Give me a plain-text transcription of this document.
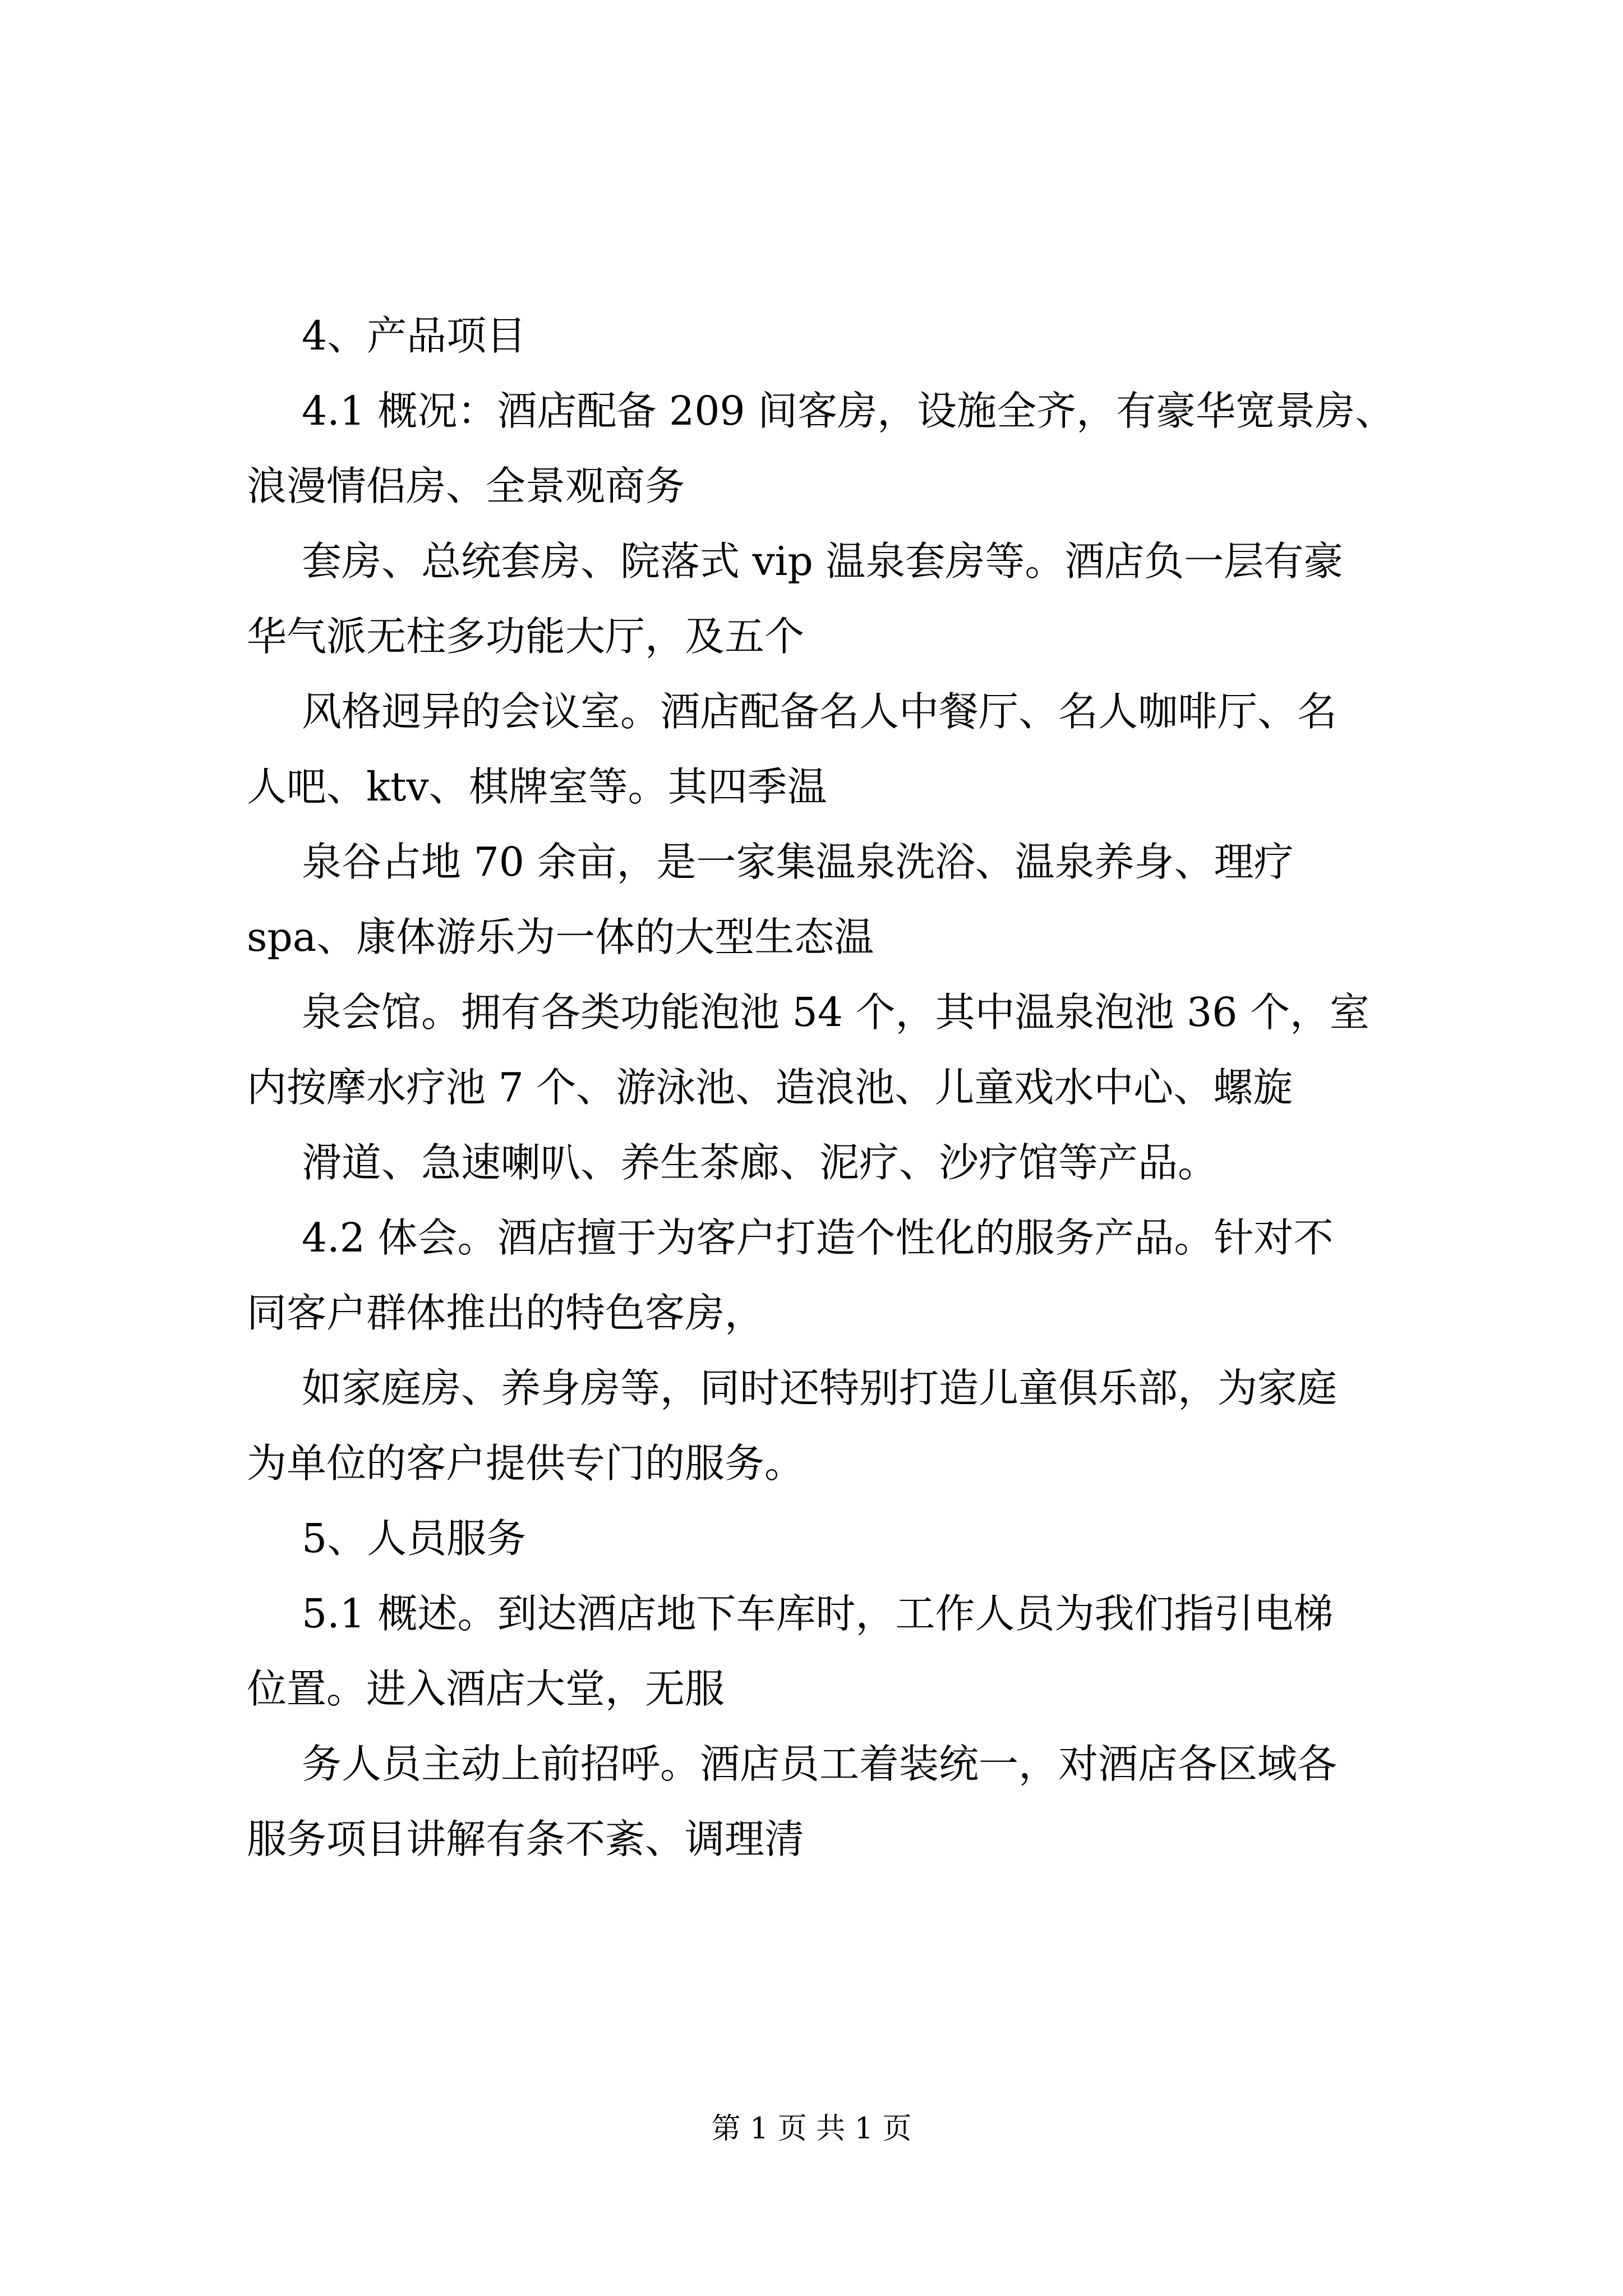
4、产品项目

4.1 概况：酒店配备 209 间客房，设施全齐，有豪华宽景房、
浪漫情侣房、全景观商务

套房、总统套房、院落式 vip 温泉套房等。酒店负一层有豪
华气派无柱多功能大厅，及五个

风格迥异的会议室。酒店配备名人中餐厅、名人咖啡厅、名
人吧、ktv、棋牌室等。其四季温

泉谷占地 70 余亩，是一家集温泉洗浴、温泉养身、理疗
spa、康体游乐为一体的大型生态温

泉会馆。拥有各类功能泡池 54 个，其中温泉泡池 36 个，室
内按摩水疗池 7 个、游泳池、造浪池、儿童戏水中心、螺旋

滑道、急速喇叭、养生茶廊、泥疗、沙疗馆等产品。

4.2 体会。酒店擅于为客户打造个性化的服务产品。针对不
同客户群体推出的特色客房，

如家庭房、养身房等，同时还特别打造儿童俱乐部，为家庭
为单位的客户提供专门的服务。

5、人员服务

5.1 概述。到达酒店地下车库时，工作人员为我们指引电梯
位置。进入酒店大堂，无服

务人员主动上前招呼。酒店员工着装统一，对酒店各区域各
服务项目讲解有条不紊、调理清

第 1 页 共 1 页
